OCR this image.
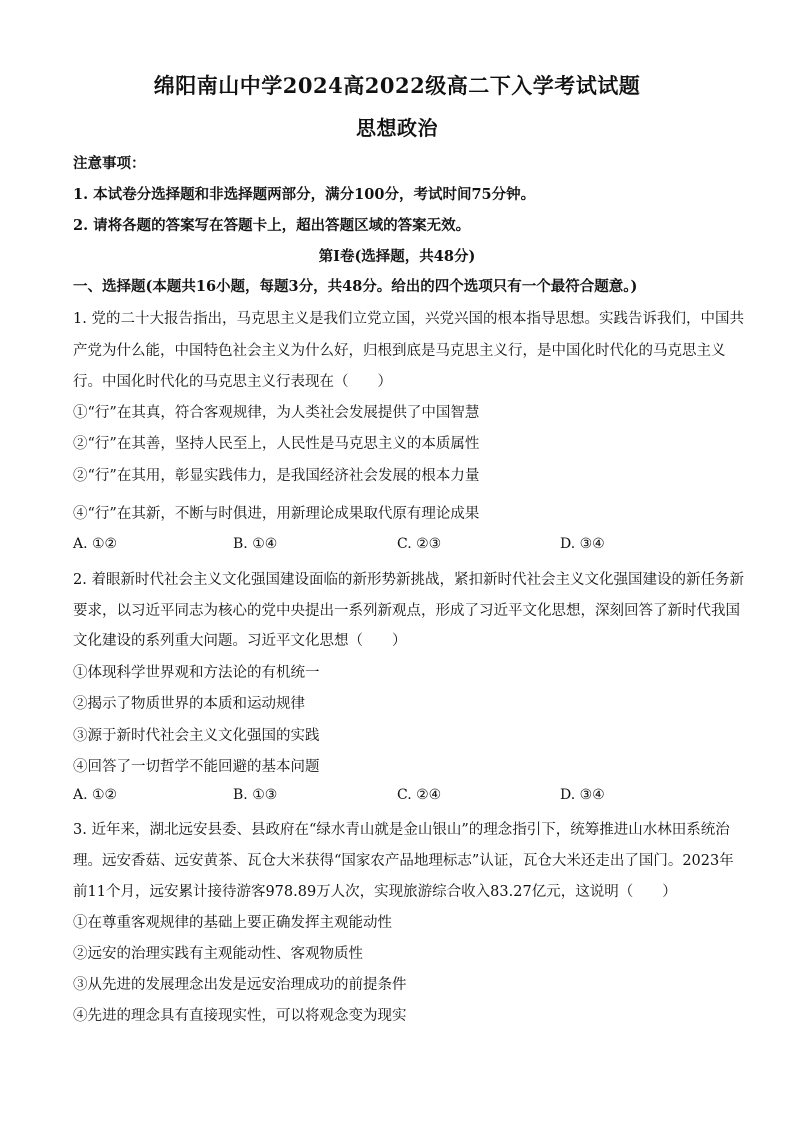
绵阳南山中学2024高2022级高二下入学考试试题
思想政治
注意事项：
1. 本试卷分选择题和非选择题两部分，满分100分，考试时间75分钟。
2. 请将各题的答案写在答题卡上，超出答题区域的答案无效。
第Ⅰ卷(选择题，共48分)
一、选择题(本题共16小题，每题3分，共48分。给出的四个选项只有一个最符合题意。)
1. 党的二十大报告指出，马克思主义是我们立党立国，兴党兴国的根本指导思想。实践告诉我们，中国共
产党为什么能，中国特色社会主义为什么好，归根到底是马克思主义行，是中国化时代化的马克思主义
行。中国化时代化的马克思主义行表现在（　　）
①“行”在其真，符合客观规律，为人类社会发展提供了中国智慧
②“行”在其善，坚持人民至上，人民性是马克思主义的本质属性
②“行”在其用，彰显实践伟力，是我国经济社会发展的根本力量
④“行”在其新，不断与时俱进，用新理论成果取代原有理论成果
A. ①②	B. ①④	C. ②③	D. ③④
2. 着眼新时代社会主义文化强国建设面临的新形势新挑战，紧扣新时代社会主义文化强国建设的新任务新
要求，以习近平同志为核心的党中央提出一系列新观点，形成了习近平文化思想，深刻回答了新时代我国
文化建设的系列重大问题。习近平文化思想（　　）
①体现科学世界观和方法论的有机统一
②揭示了物质世界的本质和运动规律
③源于新时代社会主义文化强国的实践
④回答了一切哲学不能回避的基本问题
A. ①②	B. ①③	C. ②④	D. ③④
3. 近年来，湖北远安县委、县政府在“绿水青山就是金山银山”的理念指引下，统筹推进山水林田系统治
理。远安香菇、远安黄茶、瓦仓大米获得“国家农产品地理标志”认证，瓦仓大米还走出了国门。2023年
前11个月，远安累计接待游客978.89万人次，实现旅游综合收入83.27亿元，这说明（　　）
①在尊重客观规律的基础上要正确发挥主观能动性
②远安的治理实践有主观能动性、客观物质性
③从先进的发展理念出发是远安治理成功的前提条件
④先进的理念具有直接现实性，可以将观念变为现实
